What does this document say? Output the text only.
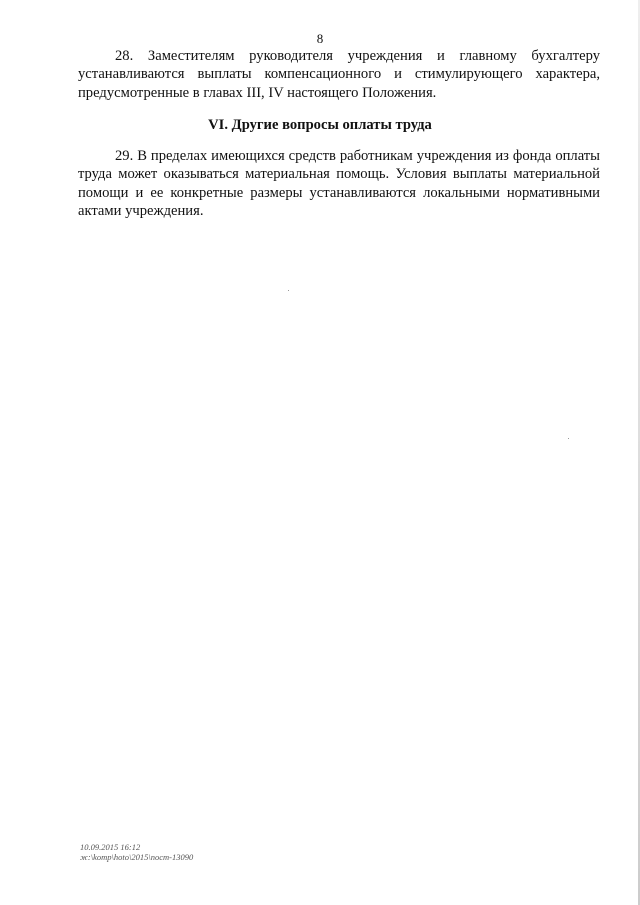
8

28. Заместителям руководителя учреждения и главному бухгалтеру устанавливаются выплаты компенсационного и стимулирующего характера, предусмотренные в главах III, IV настоящего Положения.

VI. Другие вопросы оплаты труда

29. В пределах имеющихся средств работникам учреждения из фонда оплаты труда может оказываться материальная помощь. Условия выплаты материальной помощи и ее конкретные размеры устанавливаются локальными нормативными актами учреждения.

10.09.2015 16:12
ж:\komp\hoto\2015\пост-13090
